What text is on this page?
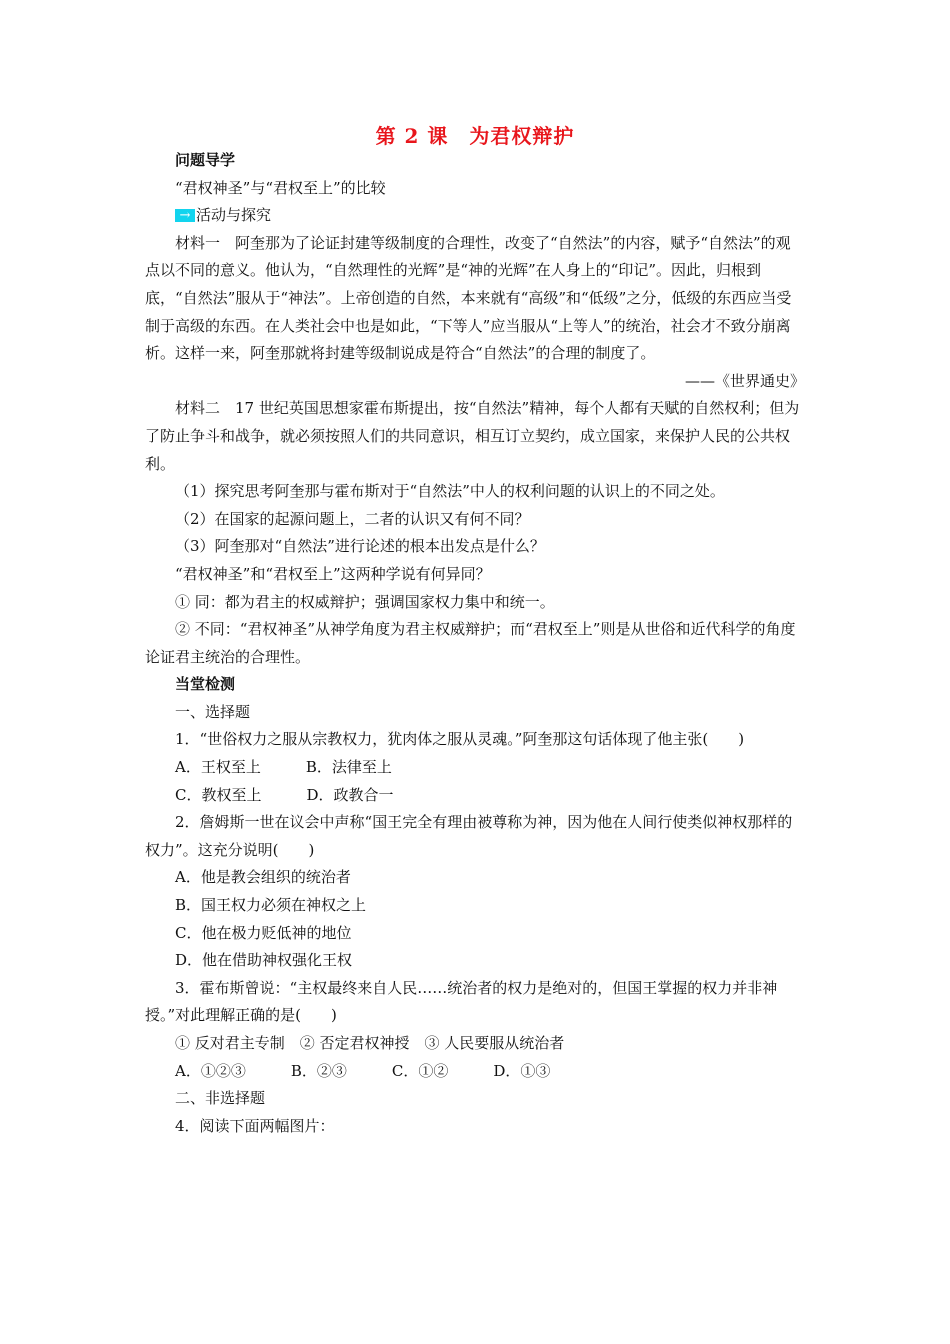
第 2 课　为君权辩护

问题导学

“君权神圣”与“君权至上”的比较

→ 活动与探究

材料一　阿奎那为了论证封建等级制度的合理性，改变了“自然法”的内容，赋予“自然法”的观点以不同的意义。他认为，“自然理性的光辉”是“神的光辉”在人身上的“印记”。因此，归根到底，“自然法”服从于“神法”。上帝创造的自然，本来就有“高级”和“低级”之分，低级的东西应当受制于高级的东西。在人类社会中也是如此，“下等人”应当服从“上等人”的统治，社会才不致分崩离析。这样一来，阿奎那就将封建等级制说成是符合“自然法”的合理的制度了。

——《世界通史》

材料二　17 世纪英国思想家霍布斯提出，按“自然法”精神，每个人都有天赋的自然权利；但为了防止争斗和战争，就必须按照人们的共同意识，相互订立契约，成立国家，来保护人民的公共权利。

（1）探究思考阿奎那与霍布斯对于“自然法”中人的权利问题的认识上的不同之处。

（2）在国家的起源问题上，二者的认识又有何不同？

（3）阿奎那对“自然法”进行论述的根本出发点是什么？

“君权神圣”和“君权至上”这两种学说有何异同？

① 同：都为君主的权威辩护；强调国家权力集中和统一。

② 不同：“君权神圣”从神学角度为君主权威辩护；而“君权至上”则是从世俗和近代科学的角度论证君主统治的合理性。

当堂检测

一、选择题

1．“世俗权力之服从宗教权力，犹肉体之服从灵魂。”阿奎那这句话体现了他主张(　　)

A．王权至上　　　B．法律至上

C．教权至上　　　D．政教合一

2．詹姆斯一世在议会中声称“国王完全有理由被尊称为神，因为他在人间行使类似神权那样的权力”。这充分说明(　　)

A．他是教会组织的统治者

B．国王权力必须在神权之上

C．他在极力贬低神的地位

D．他在借助神权强化王权

3．霍布斯曾说：“主权最终来自人民……统治者的权力是绝对的，但国王掌握的权力并非神授。”对此理解正确的是(　　)

① 反对君主专制　② 否定君权神授　③ 人民要服从统治者

A．①②③　　　B．②③　　　C．①②　　　D．①③

二、非选择题

4．阅读下面两幅图片：
